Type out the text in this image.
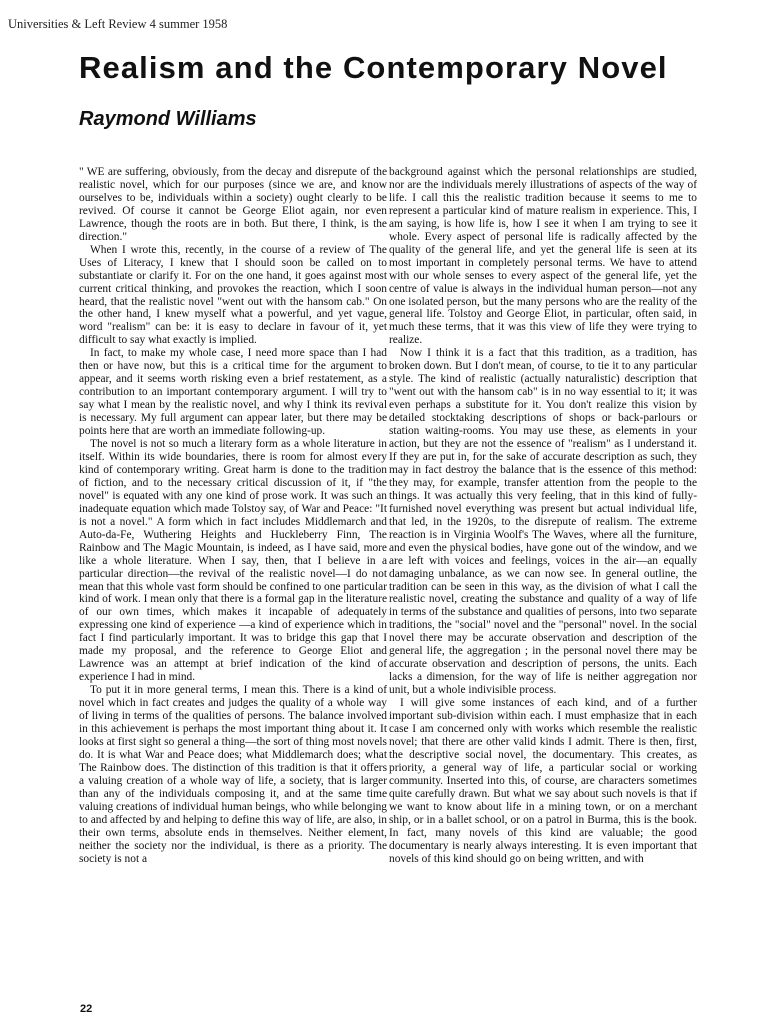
Universities & Left Review 4 summer 1958
Realism and the Contemporary Novel
Raymond Williams

" WE are suffering, obviously, from the decay and disrepute of the realistic novel, which for our purposes (since we are, and know ourselves to be, individuals within a society) ought clearly to be revived. Of course it cannot be George Eliot again, nor even Lawrence, though the roots are in both. But there, I think, is the direction."

When I wrote this, recently, in the course of a review of The Uses of Literacy, I knew that I should soon be called on to substantiate or clarify it. For on the one hand, it goes against most current critical thinking, and provokes the reaction, which I soon heard, that the realistic novel "went out with the hansom cab." On the other hand, I knew myself what a powerful, and yet vague, word "realism" can be: it is easy to declare in favour of it, yet difficult to say what exactly is implied.

In fact, to make my whole case, I need more space than I had then or have now, but this is a critical time for the argument to appear, and it seems worth risking even a brief restatement, as a contribution to an important contemporary argument. I will try to say what I mean by the realistic novel, and why I think its revival is necessary. My full argument can appear later, but there may be points here that are worth an immediate following-up.

The novel is not so much a literary form as a whole literature in itself. Within its wide boundaries, there is room for almost every kind of contemporary writing. Great harm is done to the tradition of fiction, and to the necessary critical discussion of it, if "the novel" is equated with any one kind of prose work. It was such an inadequate equation which made Tolstoy say, of War and Peace: "It is not a novel." A form which in fact includes Middlemarch and Auto-da-Fe, Wuthering Heights and Huckleberry Finn, The Rainbow and The Magic Mountain, is indeed, as I have said, more like a whole literature. When I say, then, that I believe in a particular direction—the revival of the realistic novel—I do not mean that this whole vast form should be confined to one particular kind of work. I mean only that there is a formal gap in the literature of our own times, which makes it incapable of adequately expressing one kind of experience —a kind of experience which in fact I find particularly important. It was to bridge this gap that I made my proposal, and the reference to George Eliot and Lawrence was an attempt at brief indication of the kind of experience I had in mind.

To put it in more general terms, I mean this. There is a kind of novel which in fact creates and judges the quality of a whole way of living in terms of the qualities of persons. The balance involved in this achievement is perhaps the most important thing about it. It looks at first sight so general a thing—the sort of thing most novels do. It is what War and Peace does; what Middlemarch does; what The Rainbow does. The distinction of this tradition is that it offers a valuing creation of a whole way of life, a society, that is larger than any of the individuals composing it, and at the same time valuing creations of individual human beings, who while belonging to and affected by and helping to define this way of life, are also, in their own terms, absolute ends in themselves. Neither element, neither the society nor the individual, is there as a priority. The society is not a

background against which the personal relationships are studied, nor are the individuals merely illustrations of aspects of the way of life. I call this the realistic tradition because it seems to me to represent a particular kind of mature realism in experience. This, I am saying, is how life is, how I see it when I am trying to see it whole. Every aspect of personal life is radically affected by the quality of the general life, and yet the general life is seen at its most important in completely personal terms. We have to attend with our whole senses to every aspect of the general life, yet the centre of value is always in the individual human person—not any one isolated person, but the many persons who are the reality of the general life. Tolstoy and George Eliot, in particular, often said, in much these terms, that it was this view of life they were trying to realize.

Now I think it is a fact that this tradition, as a tradition, has broken down. But I don't mean, of course, to tie it to any particular style. The kind of realistic (actually naturalistic) description that "went out with the hansom cab" is in no way essential to it; it was even perhaps a substitute for it. You don't realize this vision by detailed stocktaking descriptions of shops or back-parlours or station waiting-rooms. You may use these, as elements in your action, but they are not the essence of "realism" as I understand it. If they are put in, for the sake of accurate description as such, they may in fact destroy the balance that is the essence of this method: they may, for example, transfer attention from the people to the things. It was actually this very feeling, that in this kind of fully-furnished novel everything was present but actual individual life, that led, in the 1920s, to the disrepute of realism. The extreme reaction is in Virginia Woolf's The Waves, where all the furniture, and even the physical bodies, have gone out of the window, and we are left with voices and feelings, voices in the air—an equally damaging unbalance, as we can now see. In general outline, the tradition can be seen in this way, as the division of what I call the realistic novel, creating the substance and quality of a way of life in terms of the substance and qualities of persons, into two separate traditions, the "social" novel and the "personal" novel. In the social novel there may be accurate observation and description of the general life, the aggregation ; in the personal novel there may be accurate observation and description of persons, the units. Each lacks a dimension, for the way of life is neither aggregation nor unit, but a whole indivisible process.

I will give some instances of each kind, and of a further important sub-division within each. I must emphasize that in each case I am concerned only with works which resemble the realistic novel; that there are other valid kinds I admit. There is then, first, the descriptive social novel, the documentary. This creates, as priority, a general way of life, a particular social or working community. Inserted into this, of course, are characters sometimes quite carefully drawn. But what we say about such novels is that if we want to know about life in a mining town, or on a merchant ship, or in a ballet school, or on a patrol in Burma, this is the book. In fact, many novels of this kind are valuable; the good documentary is nearly always interesting. It is even important that novels of this kind should go on being written, and with

22
